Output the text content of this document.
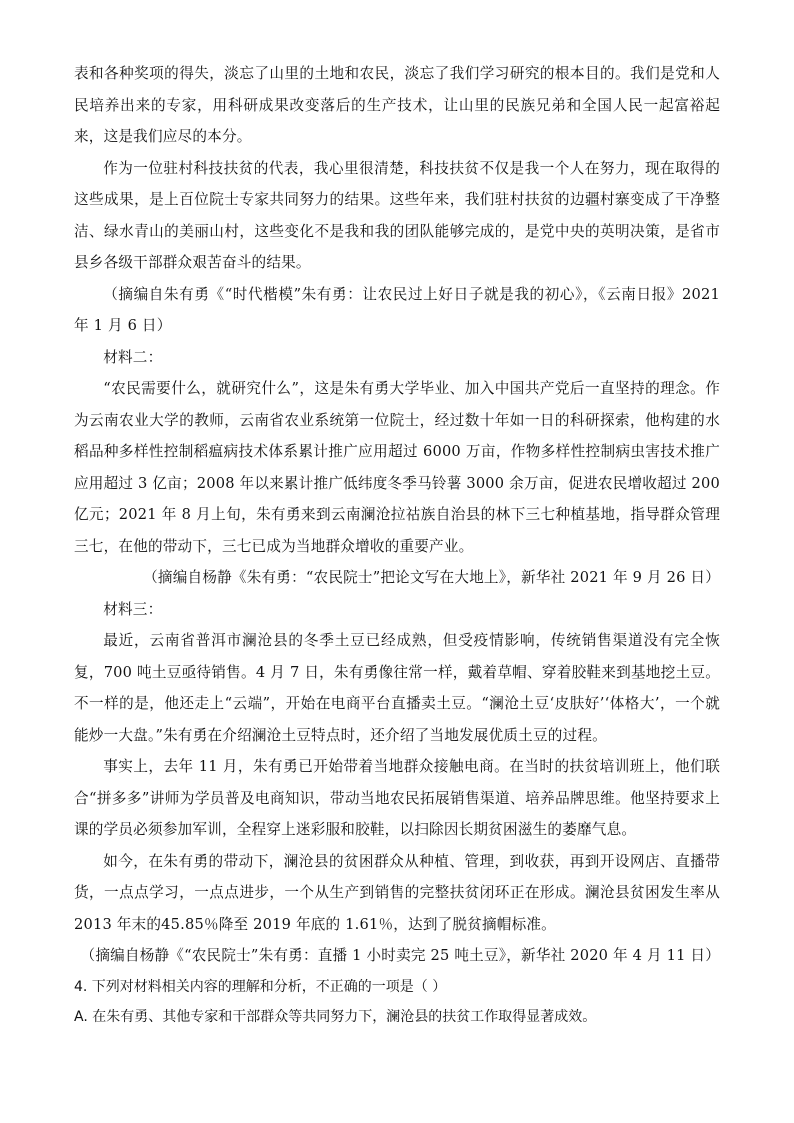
表和各种奖项的得失，淡忘了山里的土地和农民，淡忘了我们学习研究的根本目的。我们是党和人民培养出来的专家，用科研成果改变落后的生产技术，让山里的民族兄弟和全国人民一起富裕起来，这是我们应尽的本分。

作为一位驻村科技扶贫的代表，我心里很清楚，科技扶贫不仅是我一个人在努力，现在取得的这些成果，是上百位院士专家共同努力的结果。这些年来，我们驻村扶贫的边疆村寨变成了干净整洁、绿水青山的美丽山村，这些变化不是我和我的团队能够完成的，是党中央的英明决策，是省市县乡各级干部群众艰苦奋斗的结果。

（摘编自朱有勇《“时代楷模”朱有勇：让农民过上好日子就是我的初心》，《云南日报》2021 年 1 月 6 日）

材料二：

“农民需要什么，就研究什么”，这是朱有勇大学毕业、加入中国共产党后一直坚持的理念。作为云南农业大学的教师，云南省农业系统第一位院士，经过数十年如一日的科研探索，他构建的水稻品种多样性控制稻瘟病技术体系累计推广应用超过 6000 万亩，作物多样性控制病虫害技术推广应用超过 3 亿亩；2008 年以来累计推广低纬度冬季马铃薯 3000 余万亩，促进农民增收超过 200 亿元；2021 年 8 月上旬，朱有勇来到云南澜沧拉祜族自治县的林下三七种植基地，指导群众管理三七，在他的带动下，三七已成为当地群众增收的重要产业。

（摘编自杨静《朱有勇：“农民院士”把论文写在大地上》，新华社 2021 年 9 月 26 日）

材料三：

最近，云南省普洱市澜沧县的冬季土豆已经成熟，但受疫情影响，传统销售渠道没有完全恢复，700 吨土豆亟待销售。4 月 7 日，朱有勇像往常一样，戴着草帽、穿着胶鞋来到基地挖土豆。不一样的是，他还走上“云端”，开始在电商平台直播卖土豆。“澜沧土豆‘皮肤好’‘体格大’，一个就能炒一大盘。”朱有勇在介绍澜沧土豆特点时，还介绍了当地发展优质土豆的过程。

事实上，去年 11 月，朱有勇已开始带着当地群众接触电商。在当时的扶贫培训班上，他们联合“拼多多”讲师为学员普及电商知识，带动当地农民拓展销售渠道、培养品牌思维。他坚持要求上课的学员必须参加军训，全程穿上迷彩服和胶鞋，以扫除因长期贫困滋生的萎靡气息。

如今，在朱有勇的带动下，澜沧县的贫困群众从种植、管理，到收获，再到开设网店、直播带货，一点点学习，一点点进步，一个从生产到销售的完整扶贫闭环正在形成。澜沧县贫困发生率从 2013 年末的45.85％降至 2019 年底的 1.61％，达到了脱贫摘帽标准。

（摘编自杨静《“农民院士”朱有勇：直播 1 小时卖完 25 吨土豆》，新华社 2020 年 4 月 11 日）

4. 下列对材料相关内容的理解和分析，不正确的一项是（ ）

A. 在朱有勇、其他专家和干部群众等共同努力下，澜沧县的扶贫工作取得显著成效。
